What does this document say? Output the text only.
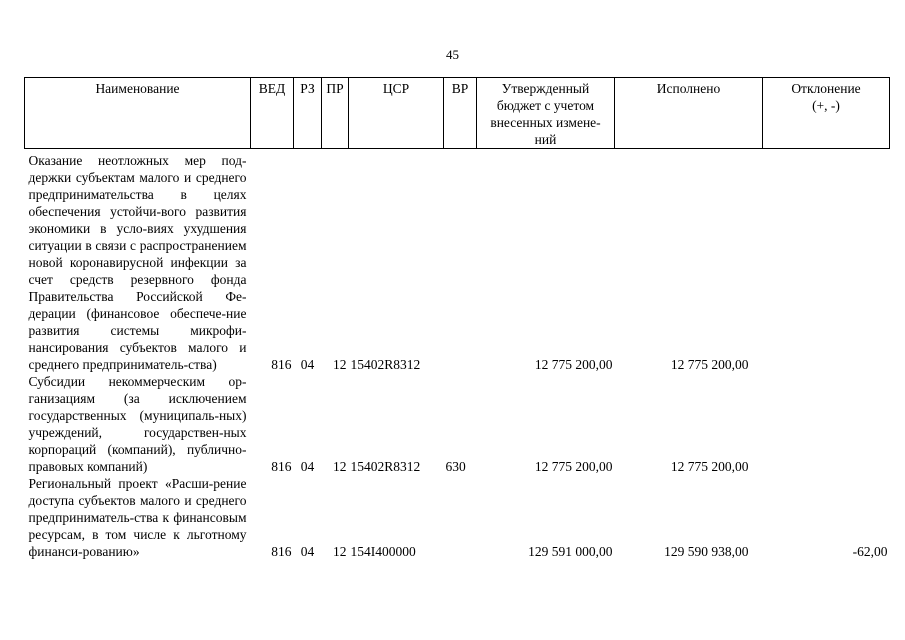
45
Наименование	ВЕД	РЗ	ПР	ЦСР	ВР	Утвержденный бюджет с учетом внесенных измене-ний	Исполнено	Отклонение (+, -)
Оказание неотложных мер под-держки субъектам малого и среднего предпринимательства в целях обеспечения устойчи-вого развития экономики в усло-виях ухудшения ситуации в связи с распространением новой коронавирусной инфекции за счет средств резервного фонда Правительства Российской Фе-дерации (финансовое обеспече-ние развития системы микрофи-нансирования субъектов малого и среднего предприниматель-ства)	816	04	12	15402R8312		12 775 200,00	12 775 200,00	
Субсидии некоммерческим ор-ганизациям (за исключением государственных (муниципаль-ных) учреждений, государствен-ных корпораций (компаний), публично-правовых компаний)	816	04	12	15402R8312	630	12 775 200,00	12 775 200,00	
Региональный проект «Расши-рение доступа субъектов малого и среднего предприниматель-ства к финансовым ресурсам, в том числе к льготному финанси-рованию»	816	04	12	154I400000		129 591 000,00	129 590 938,00	-62,00
